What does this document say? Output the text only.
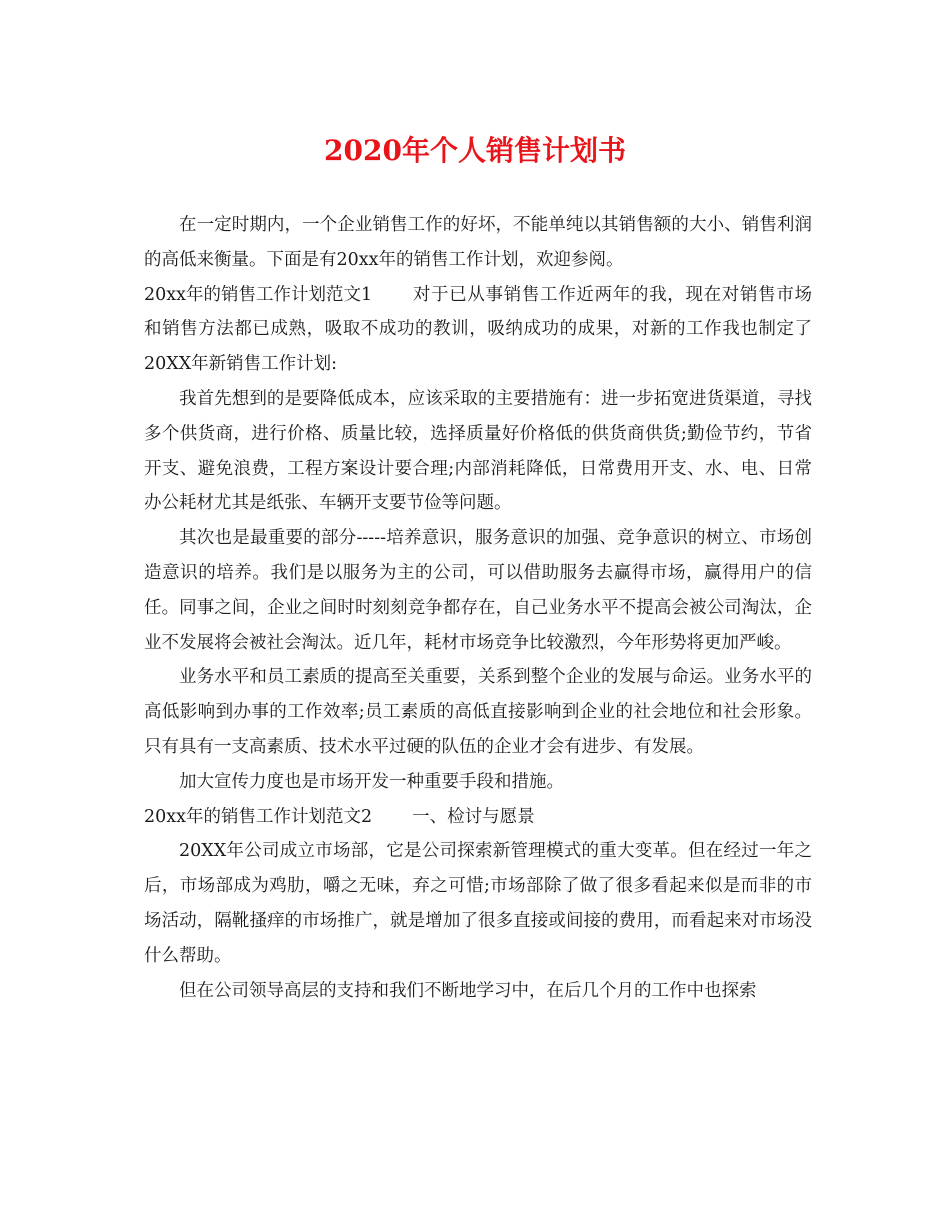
2020年个人销售计划书

在一定时期内，一个企业销售工作的好坏，不能单纯以其销售额的大小、销售利润的高低来衡量。下面是有20xx年的销售工作计划，欢迎参阅。

20xx年的销售工作计划范文1 对于已从事销售工作近两年的我，现在对销售市场和销售方法都已成熟，吸取不成功的教训，吸纳成功的成果，对新的工作我也制定了20XX年新销售工作计划:

我首先想到的是要降低成本，应该采取的主要措施有：进一步拓宽进货渠道，寻找多个供货商，进行价格、质量比较，选择质量好价格低的供货商供货;勤俭节约，节省开支、避免浪费，工程方案设计要合理;内部消耗降低，日常费用开支、水、电、日常办公耗材尤其是纸张、车辆开支要节俭等问题。

其次也是最重要的部分-----培养意识，服务意识的加强、竞争意识的树立、市场创造意识的培养。我们是以服务为主的公司，可以借助服务去赢得市场，赢得用户的信任。同事之间，企业之间时时刻刻竞争都存在，自己业务水平不提高会被公司淘汰，企业不发展将会被社会淘汰。近几年，耗材市场竞争比较激烈，今年形势将更加严峻。

业务水平和员工素质的提高至关重要，关系到整个企业的发展与命运。业务水平的高低影响到办事的工作效率;员工素质的高低直接影响到企业的社会地位和社会形象。只有具有一支高素质、技术水平过硬的队伍的企业才会有进步、有发展。

加大宣传力度也是市场开发一种重要手段和措施。

20xx年的销售工作计划范文2 一、检讨与愿景

20XX年公司成立市场部，它是公司探索新管理模式的重大变革。但在经过一年之后，市场部成为鸡肋，嚼之无味，弃之可惜;市场部除了做了很多看起来似是而非的市场活动，隔靴搔痒的市场推广，就是增加了很多直接或间接的费用，而看起来对市场没什么帮助。

但在公司领导高层的支持和我们不断地学习中，在后几个月的工作中也探索
